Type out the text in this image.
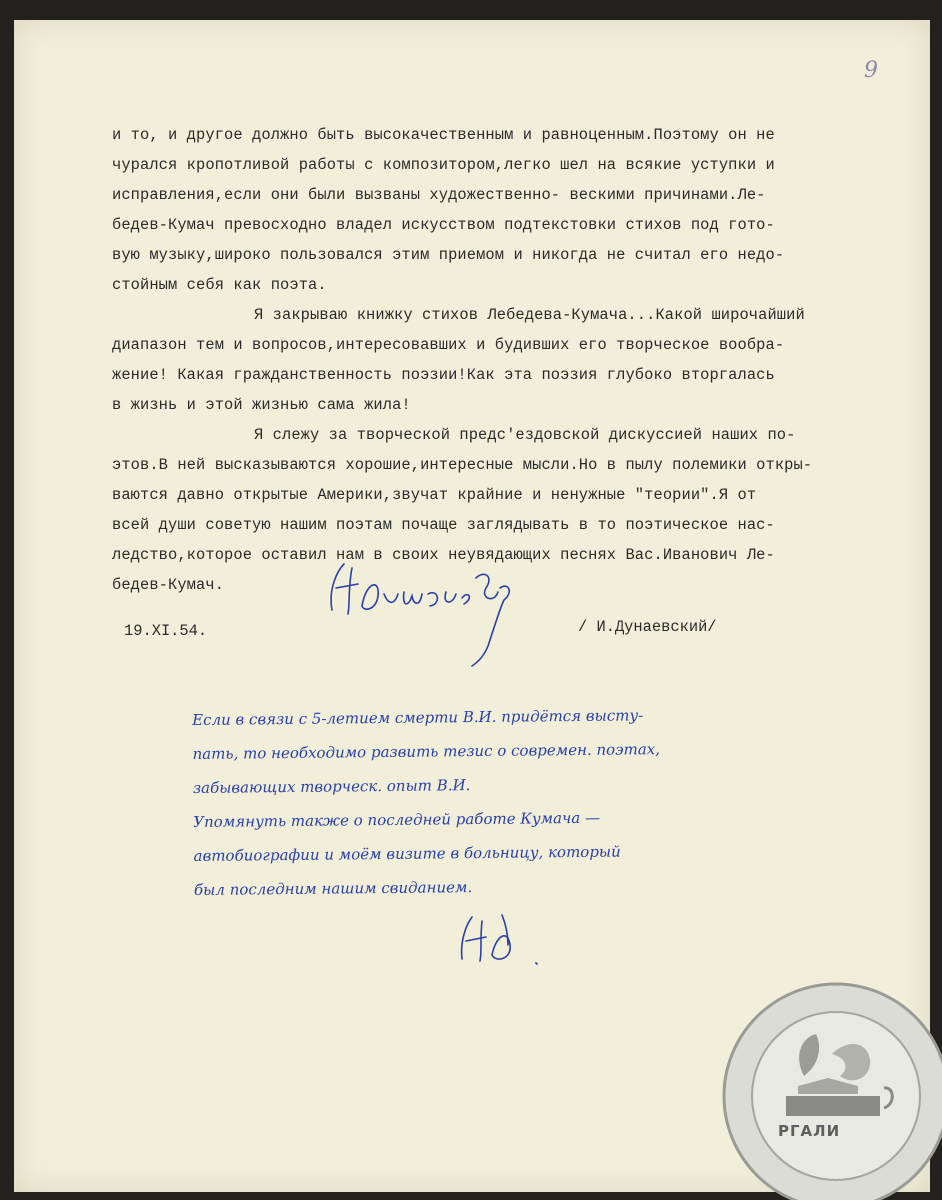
9

и то, и другое должно быть высокачественным и равноценным.Поэтому он не
чурался кропотливой работы с композитором,легко шел на всякие уступки и
исправления,если они были вызваны художественно- вескими причинами.Ле-
бедев-Кумач превосходно владел искусством подтекстовки стихов под гото-
вую музыку,широко пользовался этим приемом и никогда не считал его недо-
стойным себя как поэта.

Я закрываю книжку стихов Лебедева-Кумача...Какой широчайший
диапазон тем и вопросов,интересовавших и будивших его творческое вообра-
жение! Какая гражданственность поэзии!Как эта поэзия глубоко вторгалась
в жизнь и этой жизнью сама жила!

Я слежу за творческой предс'ездовской дискуссией наших по-
этов.В ней высказываются хорошие,интересные мысли.Но в пылу полемики откры-
ваются давно открытые Америки,звучат крайние и ненужные "теории".Я от
всей души советую нашим поэтам почаще заглядывать в то поэтическое нас-
ледство,которое оставил нам в своих неувядающих песнях Вас.Иванович Ле-
бедев-Кумач.

19.XI.54.	/ И.Дунаевский/
Если в связи с 5-летием смерти В.И. придётся высту-
пать, то необходимо развить тезис о современ. поэтах,
забывающих творческ. опыт В.И.
Упомянуть также о последней работе Кумача —
автобиографии и моём визите в больницу, который
был последним нашим свиданием.
РГАЛИ
